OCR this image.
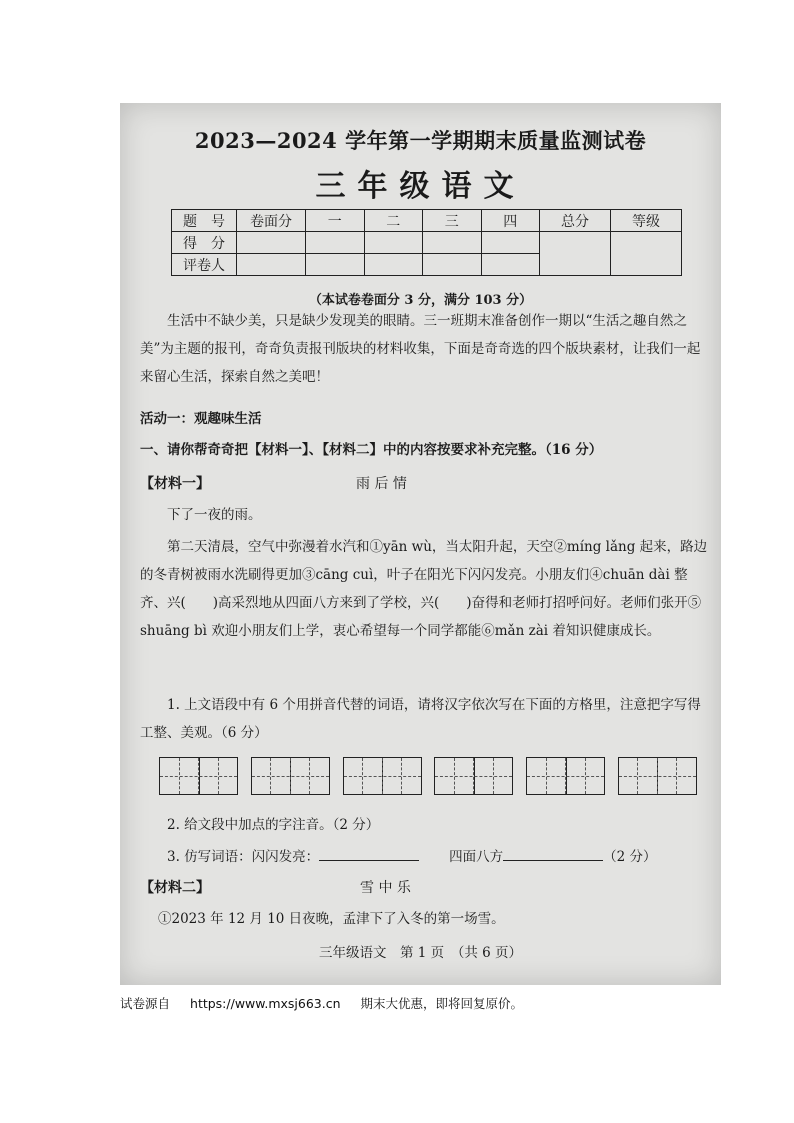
2023—2024 学年第一学期期末质量监测试卷
三年级语文
题　号	卷面分	一	二	三	四	总分	等级
得　分							
评卷人							
（本试卷卷面分 3 分，满分 103 分）
生活中不缺少美，只是缺少发现美的眼睛。三一班期末准备创作一期以“生活之趣自然之美”为主题的报刊，奇奇负责报刊版块的材料收集，下面是奇奇选的四个版块素材，让我们一起来留心生活，探索自然之美吧！
活动一：观趣味生活
一、请你帮奇奇把【材料一】、【材料二】中的内容按要求补充完整。（16 分）
【材料一】	雨 后 情
下了一夜的雨。
第二天清晨，空气中弥漫着水汽和①yān wù，当太阳升起，天空②míng lǎng 起来，路边的冬青树被雨水洗刷得更加③cāng cuì，叶子在阳光下闪闪发亮。小朋友们④chuān dài 整齐、兴(　　)高采烈地从四面八方来到了学校，兴(　　)奋得和老师打招呼问好。老师们张开⑤ shuāng bì 欢迎小朋友们上学，衷心希望每一个同学都能⑥mǎn zài 着知识健康成长。
1. 上文语段中有 6 个用拼音代替的词语，请将汉字依次写在下面的方格里，注意把字写得工整、美观。（6 分）
2. 给文段中加点的字注音。（2 分）
3. 仿写词语：闪闪发亮：	四面八方	（2 分）
【材料二】	雪 中 乐
①2023 年 12 月 10 日夜晚，孟津下了入冬的第一场雪。
三年级语文　第 1 页　（共 6 页）
试卷源自 https://www.mxsj663.cn 期末大优惠，即将回复原价。
